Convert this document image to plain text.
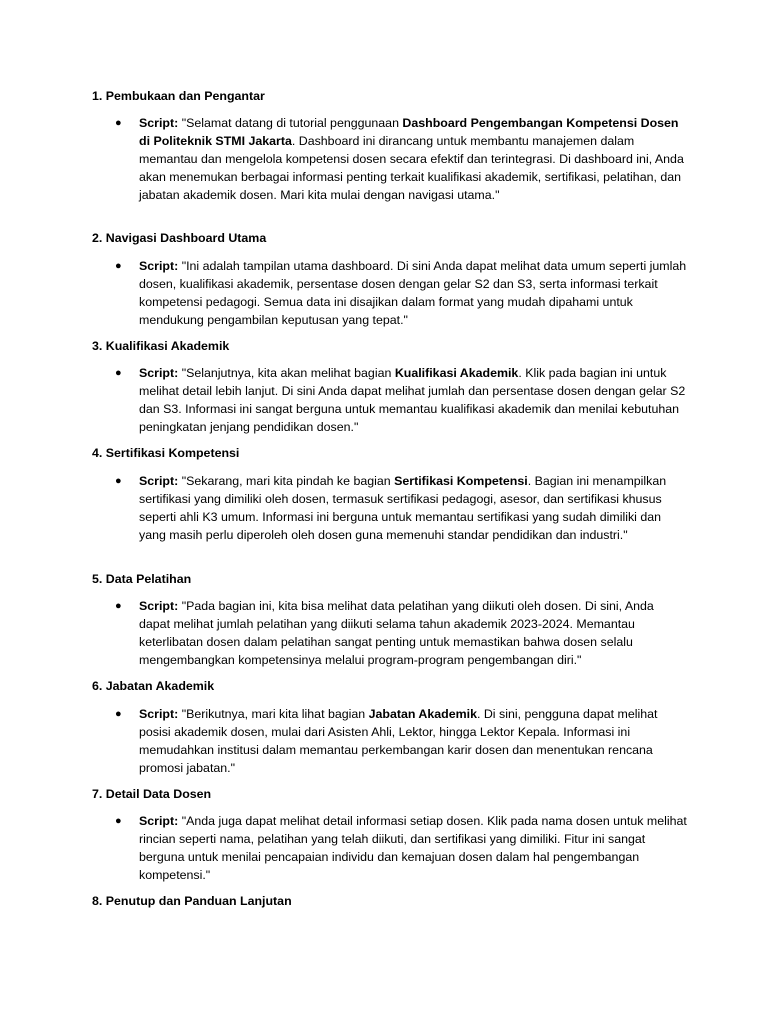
1. Pembukaan dan Pengantar

● Script: "Selamat datang di tutorial penggunaan Dashboard Pengembangan Kompetensi Dosen di Politeknik STMI Jakarta. Dashboard ini dirancang untuk membantu manajemen dalam memantau dan mengelola kompetensi dosen secara efektif dan terintegrasi. Di dashboard ini, Anda akan menemukan berbagai informasi penting terkait kualifikasi akademik, sertifikasi, pelatihan, dan jabatan akademik dosen. Mari kita mulai dengan navigasi utama."

2. Navigasi Dashboard Utama

● Script: "Ini adalah tampilan utama dashboard. Di sini Anda dapat melihat data umum seperti jumlah dosen, kualifikasi akademik, persentase dosen dengan gelar S2 dan S3, serta informasi terkait kompetensi pedagogi. Semua data ini disajikan dalam format yang mudah dipahami untuk mendukung pengambilan keputusan yang tepat."

3. Kualifikasi Akademik

● Script: "Selanjutnya, kita akan melihat bagian Kualifikasi Akademik. Klik pada bagian ini untuk melihat detail lebih lanjut. Di sini Anda dapat melihat jumlah dan persentase dosen dengan gelar S2 dan S3. Informasi ini sangat berguna untuk memantau kualifikasi akademik dan menilai kebutuhan peningkatan jenjang pendidikan dosen."

4. Sertifikasi Kompetensi

● Script: "Sekarang, mari kita pindah ke bagian Sertifikasi Kompetensi. Bagian ini menampilkan sertifikasi yang dimiliki oleh dosen, termasuk sertifikasi pedagogi, asesor, dan sertifikasi khusus seperti ahli K3 umum. Informasi ini berguna untuk memantau sertifikasi yang sudah dimiliki dan yang masih perlu diperoleh oleh dosen guna memenuhi standar pendidikan dan industri."

5. Data Pelatihan

● Script: "Pada bagian ini, kita bisa melihat data pelatihan yang diikuti oleh dosen. Di sini, Anda dapat melihat jumlah pelatihan yang diikuti selama tahun akademik 2023-2024. Memantau keterlibatan dosen dalam pelatihan sangat penting untuk memastikan bahwa dosen selalu mengembangkan kompetensinya melalui program-program pengembangan diri."

6. Jabatan Akademik

● Script: "Berikutnya, mari kita lihat bagian Jabatan Akademik. Di sini, pengguna dapat melihat posisi akademik dosen, mulai dari Asisten Ahli, Lektor, hingga Lektor Kepala. Informasi ini memudahkan institusi dalam memantau perkembangan karir dosen dan menentukan rencana promosi jabatan."

7. Detail Data Dosen

● Script: "Anda juga dapat melihat detail informasi setiap dosen. Klik pada nama dosen untuk melihat rincian seperti nama, pelatihan yang telah diikuti, dan sertifikasi yang dimiliki. Fitur ini sangat berguna untuk menilai pencapaian individu dan kemajuan dosen dalam hal pengembangan kompetensi."

8. Penutup dan Panduan Lanjutan
